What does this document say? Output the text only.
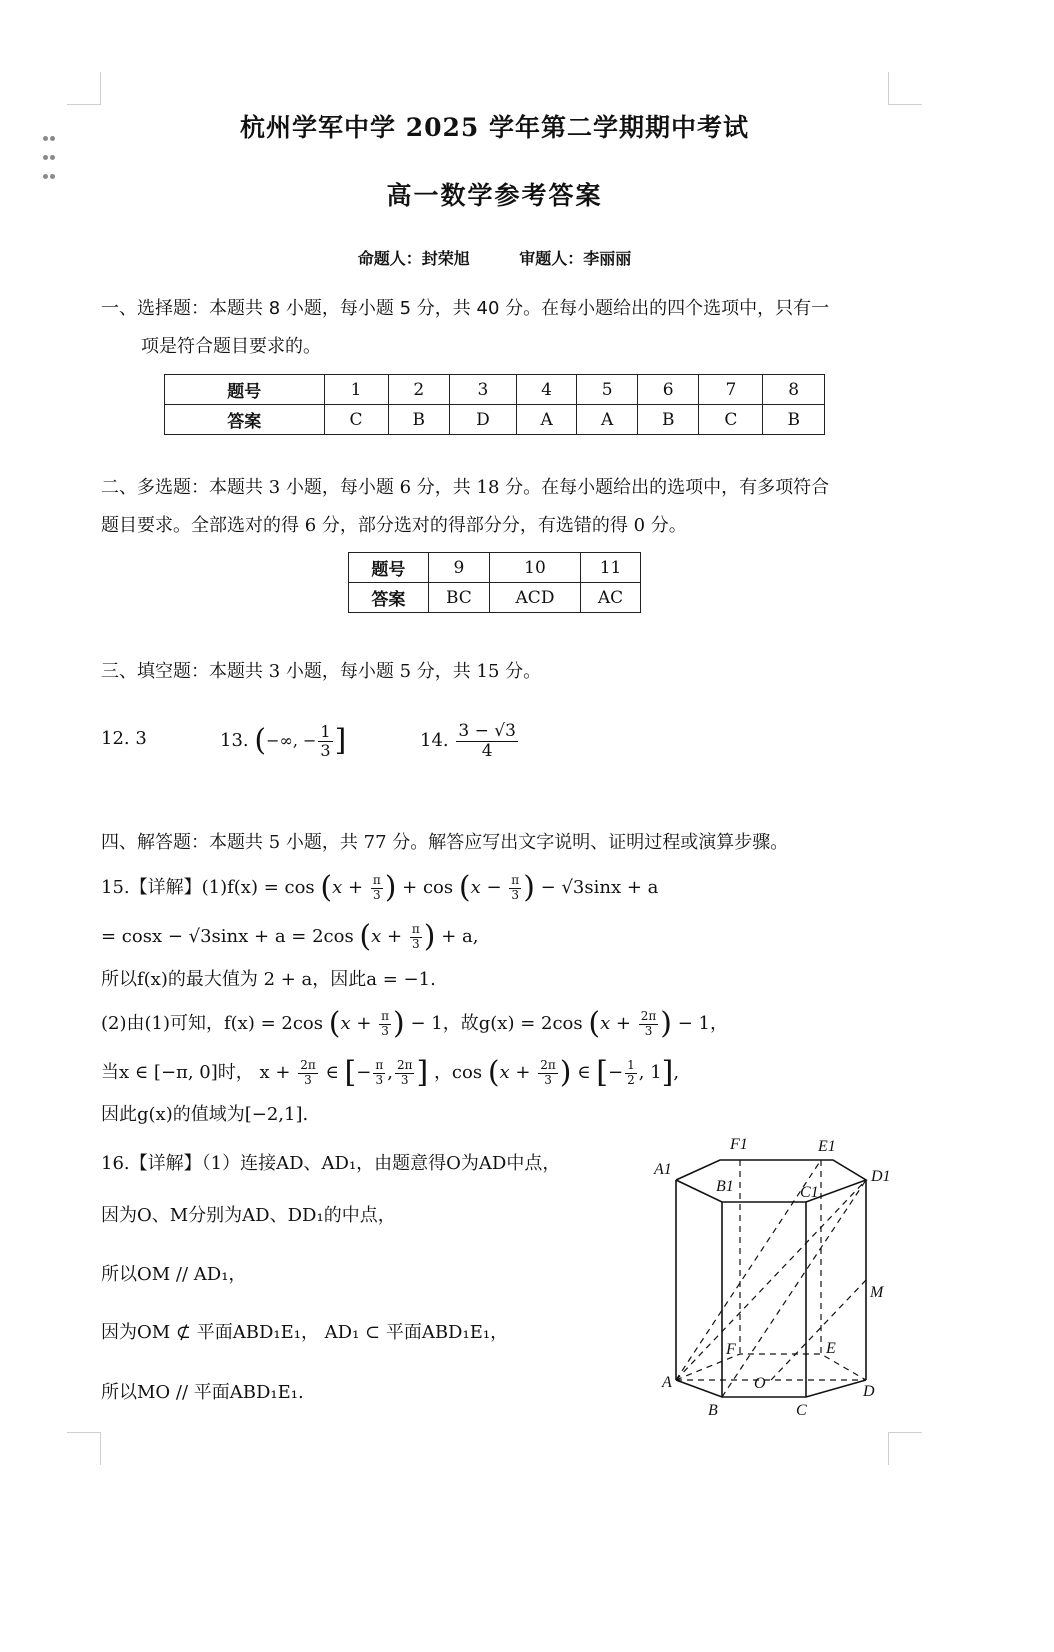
杭州学军中学 2025 学年第二学期期中考试
高一数学参考答案
命题人：封荣旭	审题人：李丽丽
一、选择题：本题共 8 小题，每小题 5 分，共 40 分。在每小题给出的四个选项中，只有一
项是符合题目要求的。
题号	1	2	3	4	5	6	7	8
答案	C	B	D	A	A	B	C	B
二、多选题：本题共 3 小题，每小题 6 分，共 18 分。在每小题给出的选项中，有多项符合
题目要求。全部选对的得 6 分，部分选对的得部分分，有选错的得 0 分。
题号	9	10	11
答案	BC	ACD	AC
三、填空题：本题共 3 小题，每小题 5 分，共 15 分。
12. 3	13. (−∞, − $\frac{1}{3}$ ]	14. $\frac{3 - √3}{4}$
四、解答题：本题共 5 小题，共 77 分。解答应写出文字说明、证明过程或演算步骤。
15.【详解】$(1)f(x) = \cos (x + \frac{\pi}{3}$ ) + $\cos (x - \frac{\pi}{3}$ ) − √3sinx + a
= cosx − √3sinx + a = 2cos ($x + \frac{\pi}{3}$ ) + a,
所以f(x)的最大值为 2 + a，因此a = −1.
(2)由(1)可知，f(x) = 2cos ($x + \frac{\pi}{3}$ ) − 1，故g(x) = 2cos ($x + \frac{2\pi}{3}$ ) − 1，
当x ∈ [−π, 0]时， $x + \frac{2\pi}{3}$ ∈ [− $\frac{\pi}{3}$ , $\frac{2\pi}{3}$ ] ，$\cos (x + \frac{2\pi}{3}$ ) ∈ [− $\frac{1}{2}$ , 1],
因此g(x)的值域为[−2,1].
16.【详解】（1）连接AD、AD₁，由题意得O为AD中点，
因为O、M分别为AD、DD₁的中点，
所以OM // AD₁，
因为OM ⊄ 平面ABD₁E₁， AD₁ ⊂ 平面ABD₁E₁，
所以MO // 平面ABD₁E₁.
A1
B1	C1
D1
E1
F1
M
F	E
A	O	D
B	C
